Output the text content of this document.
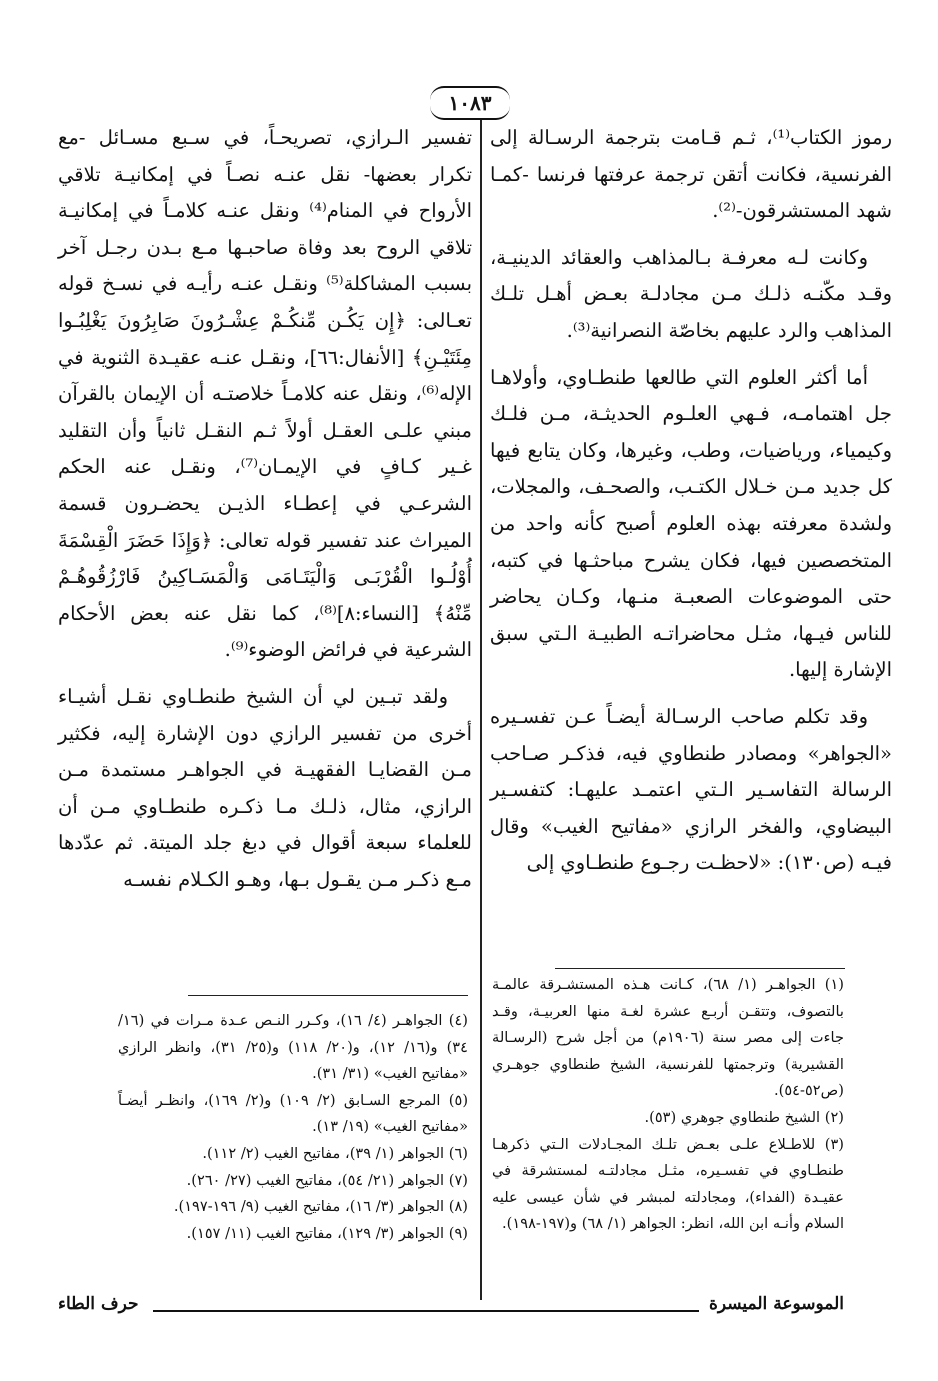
١٠٨٣

رموز الكتاب⁽¹⁾، ثـم قـامت بترجمة الرسـالة إلى الفرنسية، فكانت أتقن ترجمة عرفتها فرنسا -كمـا شهد المستشرقون-⁽²⁾.

وكانت لـه معرفـة بـالمذاهب والعقائد الدينيـة، وقـد مكّنـه ذلـك مـن مجادلـة بعـض أهـل تلـك المذاهب والرد عليهم بخاصّة النصرانية⁽³⁾.

أما أكثر العلوم التي طالعها طنطـاوي، وأولاهـا جل اهتمامـه، فـهي العلـوم الحديثـة، مـن فلـك وكيمياء، ورياضيات، وطب، وغيرها، وكان يتابع فيها كل جديد مـن خـلال الكتـب، والصحـف، والمجلات، ولشدة معرفته بهذه العلوم أصبح كأنه واحد من المتخصصين فيها، فكان يشرح مباحثـها في كتبه، حتى الموضوعات الصعبـة منـها، وكـان يحاضر للناس فيـها، مثـل محاضراتـه الطبيـة الـتي سبق الإشارة إليها.

وقد تكلم صاحب الرسـالة أيضـاً عـن تفسـيره «الجواهر» ومصادر طنطاوي فيه، فذكـر صـاحب الرسالة التفاسـير الـتي اعتمـد عليهـا: كتفسـير البيضاوي، والفخر الرازي «مفاتيح الغيب» وقال فيـه (ص١٣٠): «لاحظـت رجـوع طنطـاوي إلى

تفسير الـرازي، تصريحـاً، في سـبع مسـائل -مع تكرار بعضها- نقل عنـه نصـاً في إمكانيـة تلاقي الأرواح في المنام⁽⁴⁾ ونقل عنـه كلامـاً في إمكانيـة تلاقي الروح بعد وفاة صاحبـها مـع بـدن رجـل آخر بسبب المشاكلة⁽⁵⁾ ونقـل عنـه رأيـه في نسـخ قوله تعـالى: ﴿إِن يَكُـن مِّنكُـمْ عِشْـرُونَ صَابِرُونَ يَغْلِبُـوا مِئَتَيْـنِ﴾ [الأنفال:٦٦]، ونقـل عنـه عقيـدة الثنوية في الإله⁽⁶⁾، ونقل عنه كلامـاً خلاصتـه أن الإيمان بالقرآن مبني علـى العقـل أولاً ثـم النقـل ثانياً وأن التقليد غـير كـافٍ في الإيمـان⁽⁷⁾، ونقـل عنه الحكم الشرعـي في إعطـاء الذيـن يحضـرون قسمة الميراث عند تفسير قوله تعالى: ﴿وَإِذَا حَضَرَ الْقِسْمَةَ أُوْلُـوا الْقُرْبَـى وَالْيَتَـامَى وَالْمَسَـاكِينُ فَارْزُقُوهُـمْ مِّنْهُ﴾ [النساء:٨]⁽⁸⁾، كما نقل عنه بعض الأحكام الشرعية في فرائض الوضوء⁽⁹⁾.

ولقد تبـين لي أن الشيخ طنطـاوي نقـل أشيـاء أخرى من تفسير الرازي دون الإشارة إليه، فكثير مـن القضايـا الفقهيـة في الجواهـر مستمدة مـن الرازي، مثال، ذلـك مـا ذكـره طنطـاوي مـن أن للعلماء سبعة أقوال في دبغ جلد الميتة. ثم عدّدها مـع ذكـر مـن يقـول بـها، وهـو الكـلام نفسـه

(١) الجواهـر (١/ ٦٨)، كـانت هـذه المستشـرقة عالمـة بالتصوف، وتتقـن أربـع عشرة لغـة منها العربيـة، وقـد جاءت إلى مصر سنة (١٩٠٦م) من أجل شرح (الرسـالة القشيرية) وترجمتها للفرنسية، الشيخ طنطاوي جوهـري (ص٥٢-٥٤).

(٢) الشيخ طنطاوي جوهري (٥٣).

(٣) للاطـلاع علـى بعـض تلـك المجـادلات الـتي ذكرهـا طنطـاوي في تفسـيره، مثـل مجادلتـه لمستشرقة في عقيـدة (الفداء)، ومجادلته لمبشر في شأن عيسى عليه السلام وأنـه ابن الله، انظر: الجواهر (١/ ٦٨) و(١٩٧-١٩٨).

(٤) الجواهـر (٤/ ١٦)، وكـرر النـص عـدة مـرات في (١٦/ ٣٤) و(١٦/ ١٢)، و(٢٠/ ١١٨) و(٢٥/ ٣١)، وانظر الرازي «مفاتيح الغيب» (٣١/ ٣١).

(٥) المرجع السـابق (٢/ ١٠٩) و(٢/ ١٦٩)، وانظـر أيضـاً «مفاتيح الغيب» (١٩/ ١٣).

(٦) الجواهر (١/ ٣٩)، مفاتيح الغيب (٢/ ١١٢).

(٧) الجواهر (٢١/ ٥٤)، مفاتيح الغيب (٢٧/ ٢٦٠).

(٨) الجواهر (٣/ ١٦)، مفاتيح الغيب (٩/ ١٩٦-١٩٧).

(٩) الجواهر (٣/ ١٢٩)، مفاتيح الغيب (١١/ ١٥٧).

الموسوعة الميسرة
حرف الطاء
